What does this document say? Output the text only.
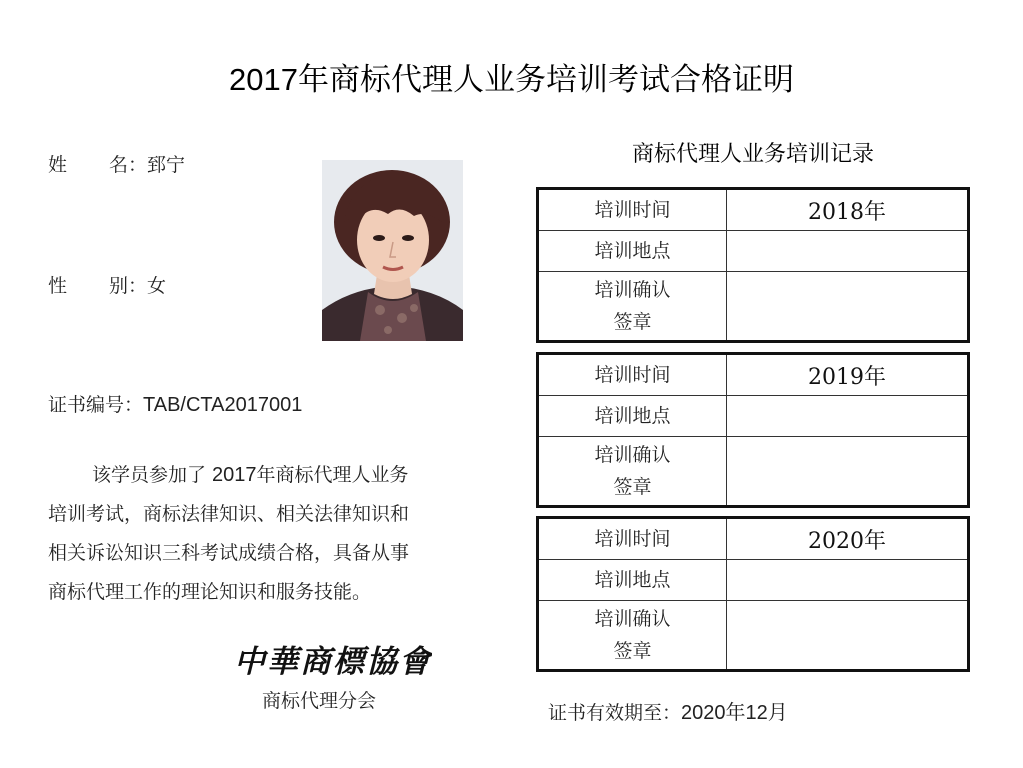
2017年商标代理人业务培训考试合格证明
姓 名：郅宁
性 别：女
证书编号：TAB/CTA2017001
该学员参加了 2017年商标代理人业务
培训考试，商标法律知识、相关法律知识和
相关诉讼知识三科考试成绩合格，具备从事
商标代理工作的理论知识和服务技能。
中華商標協會
商标代理分会
商标代理人业务培训记录
培训时间	2018年
培训地点
培训确认
签章
培训时间	2019年
培训地点
培训确认
签章
培训时间	2020年
培训地点
培训确认
签章
证书有效期至：2020年12月
